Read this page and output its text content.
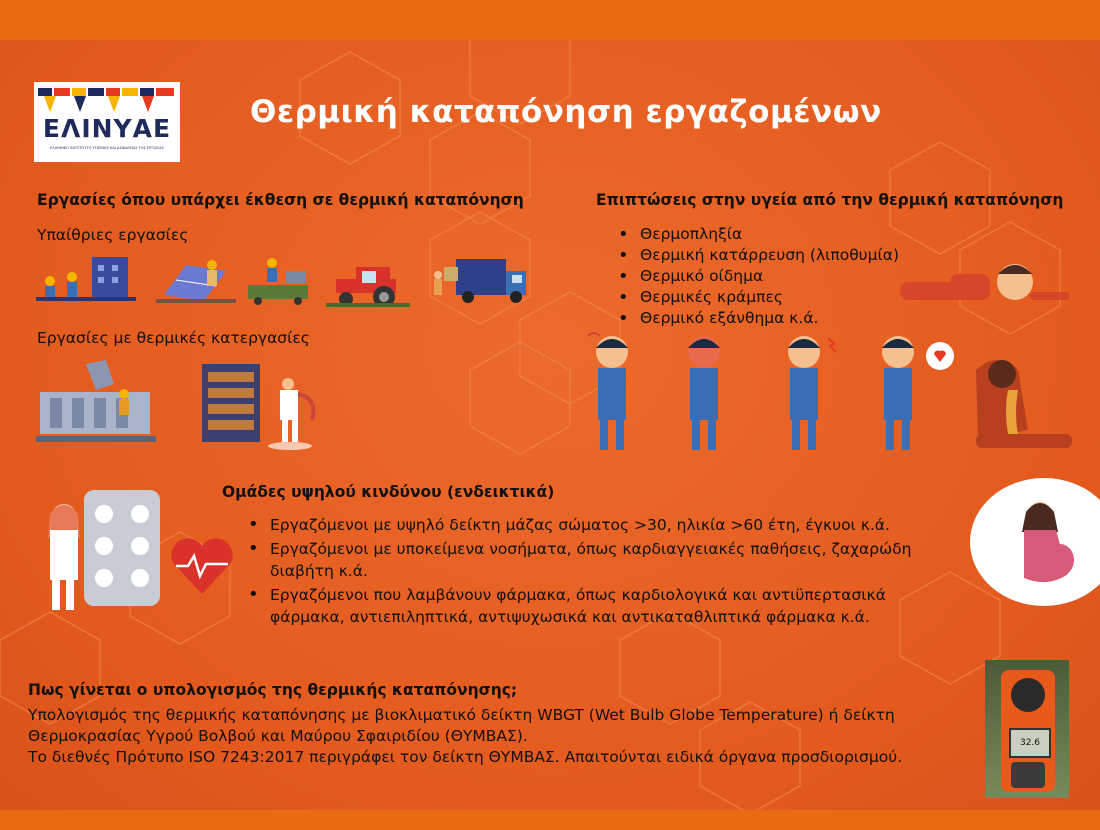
ΕΛΙΝΥΑΕ
ΕΛΛΗΝΙΚΟ ΙΝΣΤΙΤΟΥΤΟ ΥΓΙΕΙΝΗΣ ΚΑΙ ΑΣΦΑΛΕΙΑΣ ΤΗΣ ΕΡΓΑΣΙΑΣ
Θερμική καταπόνηση εργαζομένων
Εργασίες όπου υπάρχει έκθεση σε θερμική καταπόνηση
Υπαίθριες εργασίες
Εργασίες με θερμικές κατεργασίες
Επιπτώσεις στην υγεία από την θερμική καταπόνηση
• Θερμοπληξία
• Θερμική κατάρρευση (λιποθυμία)
• Θερμικό οίδημα
• Θερμικές κράμπες
• Θερμικό εξάνθημα κ.ά.
Ομάδες υψηλού κινδύνου (ενδεικτικά)
• Εργαζόμενοι με υψηλό δείκτη μάζας σώματος >30, ηλικία >60 έτη, έγκυοι κ.ά.
• Εργαζόμενοι με υποκείμενα νοσήματα, όπως καρδιαγγειακές παθήσεις, ζαχαρώδη διαβήτη κ.ά.
• Εργαζόμενοι που λαμβάνουν φάρμακα, όπως καρδιολογικά και αντιϋπερτασικά φάρμακα, αντιεπιληπτικά, αντιψυχωσικά και αντικαταθλιπτικά φάρμακα κ.ά.
Πως γίνεται ο υπολογισμός της θερμικής καταπόνησης;
Υπολογισμός της θερμικής καταπόνησης με βιοκλιματικό δείκτη WBGT (Wet Bulb Globe Temperature) ή δείκτη
Θερμοκρασίας Υγρού Βολβού και Μαύρου Σφαιριδίου (ΘΥΜΒΑΣ).
Το διεθνές Πρότυπο ISO 7243:2017 περιγράφει τον δείκτη ΘΥΜΒΑΣ. Απαιτούνται ειδικά όργανα προσδιορισμού.
32.6
